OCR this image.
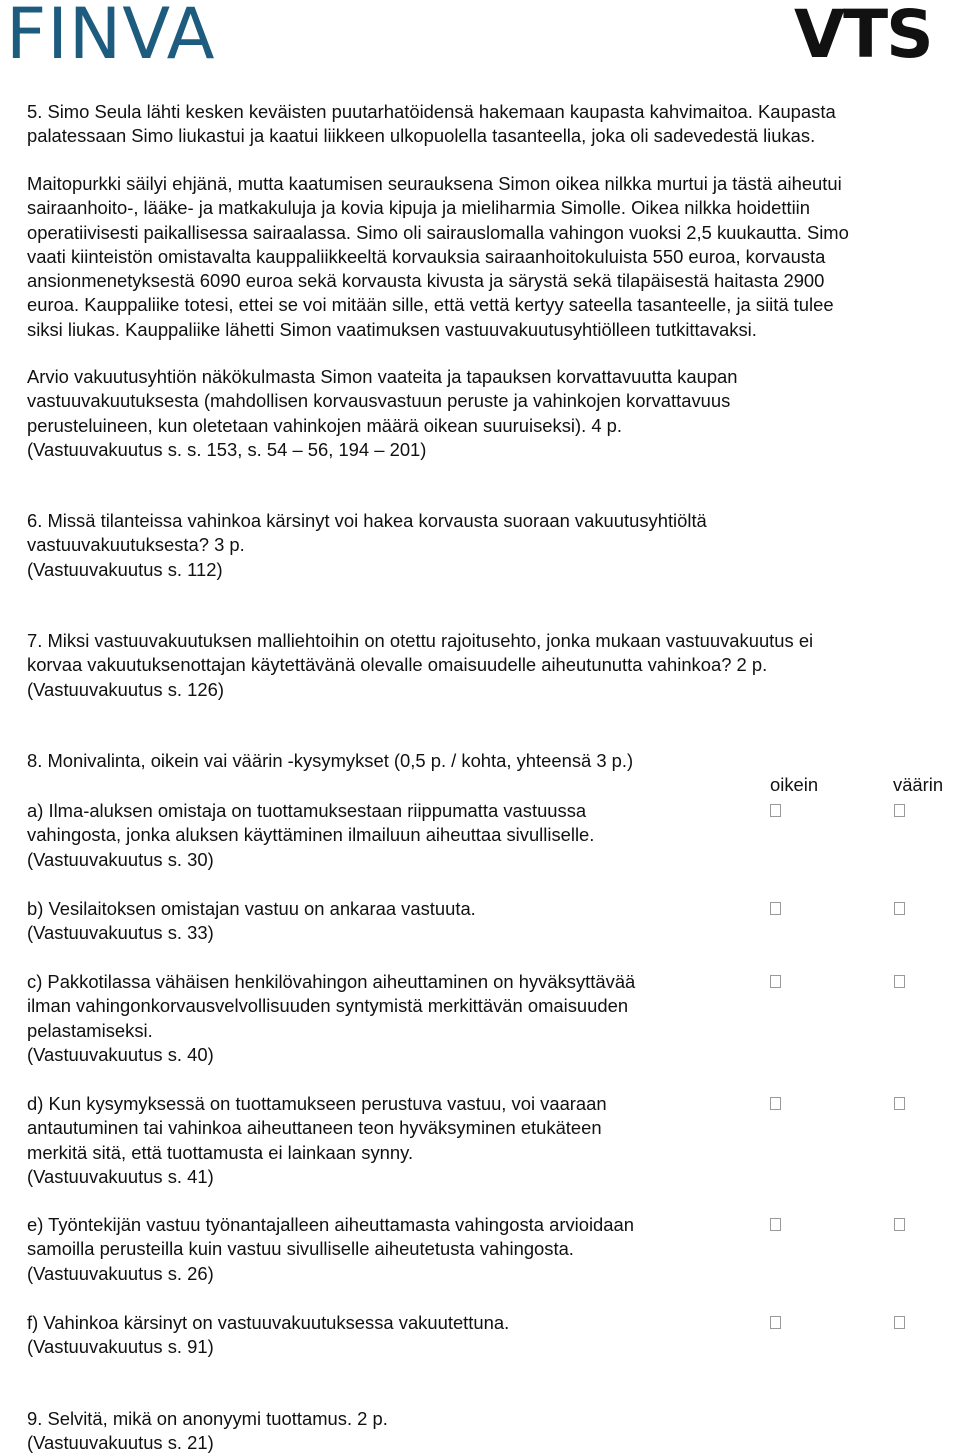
FINVA	VTS

5. Simo Seula lähti kesken keväisten puutarhatöidensä hakemaan kaupasta kahvimaitoa. Kaupasta
palatessaan Simo liukastui ja kaatui liikkeen ulkopuolella tasanteella, joka oli sadevedestä liukas.

Maitopurkki säilyi ehjänä, mutta kaatumisen seurauksena Simon oikea nilkka murtui ja tästä aiheutui
sairaanhoito-, lääke- ja matkakuluja ja kovia kipuja ja mieliharmia Simolle. Oikea nilkka hoidettiin
operatiivisesti paikallisessa sairaalassa. Simo oli sairauslomalla vahingon vuoksi 2,5 kuukautta. Simo
vaati kiinteistön omistavalta kauppaliikkeeltä korvauksia sairaanhoitokuluista 550 euroa, korvausta
ansionmenetyksestä 6090 euroa sekä korvausta kivusta ja särystä sekä tilapäisestä haitasta 2900
euroa. Kauppaliike totesi, ettei se voi mitään sille, että vettä kertyy sateella tasanteelle, ja siitä tulee
siksi liukas. Kauppaliike lähetti Simon vaatimuksen vastuuvakuutusyhtiölleen tutkittavaksi.

Arvio vakuutusyhtiön näkökulmasta Simon vaateita ja tapauksen korvattavuutta kaupan
vastuuvakuutuksesta (mahdollisen korvausvastuun peruste ja vahinkojen korvattavuus
perusteluineen, kun oletetaan vahinkojen määrä oikean suuruiseksi). 4 p.
(Vastuuvakuutus s. s. 153, s. 54 – 56, 194 – 201)

6. Missä tilanteissa vahinkoa kärsinyt voi hakea korvausta suoraan vakuutusyhtiöltä
vastuuvakuutuksesta? 3 p.
(Vastuuvakuutus s. 112)

7. Miksi vastuuvakuutuksen malliehtoihin on otettu rajoitusehto, jonka mukaan vastuuvakuutus ei
korvaa vakuutuksenottajan käytettävänä olevalle omaisuudelle aiheutunutta vahinkoa? 2 p.
(Vastuuvakuutus s. 126)

8. Monivalinta, oikein vai väärin -kysymykset (0,5 p. / kohta, yhteensä 3 p.)

oikein	väärin

a) Ilma-aluksen omistaja on tuottamuksestaan riippumatta vastuussa
vahingosta, jonka aluksen käyttäminen ilmailuun aiheuttaa sivulliselle.
(Vastuuvakuutus s. 30)

b) Vesilaitoksen omistajan vastuu on ankaraa vastuuta.
(Vastuuvakuutus s. 33)

c) Pakkotilassa vähäisen henkilövahingon aiheuttaminen on hyväksyttävää
ilman vahingonkorvausvelvollisuuden syntymistä merkittävän omaisuuden
pelastamiseksi.
(Vastuuvakuutus s. 40)

d) Kun kysymyksessä on tuottamukseen perustuva vastuu, voi vaaraan
antautuminen tai vahinkoa aiheuttaneen teon hyväksyminen etukäteen
merkitä sitä, että tuottamusta ei lainkaan synny.
(Vastuuvakuutus s. 41)

e) Työntekijän vastuu työnantajalleen aiheuttamasta vahingosta arvioidaan
samoilla perusteilla kuin vastuu sivulliselle aiheutetusta vahingosta.
(Vastuuvakuutus s. 26)

f) Vahinkoa kärsinyt on vastuuvakuutuksessa vakuutettuna.
(Vastuuvakuutus s. 91)

9. Selvitä, mikä on anonyymi tuottamus. 2 p.
(Vastuuvakuutus s. 21)
